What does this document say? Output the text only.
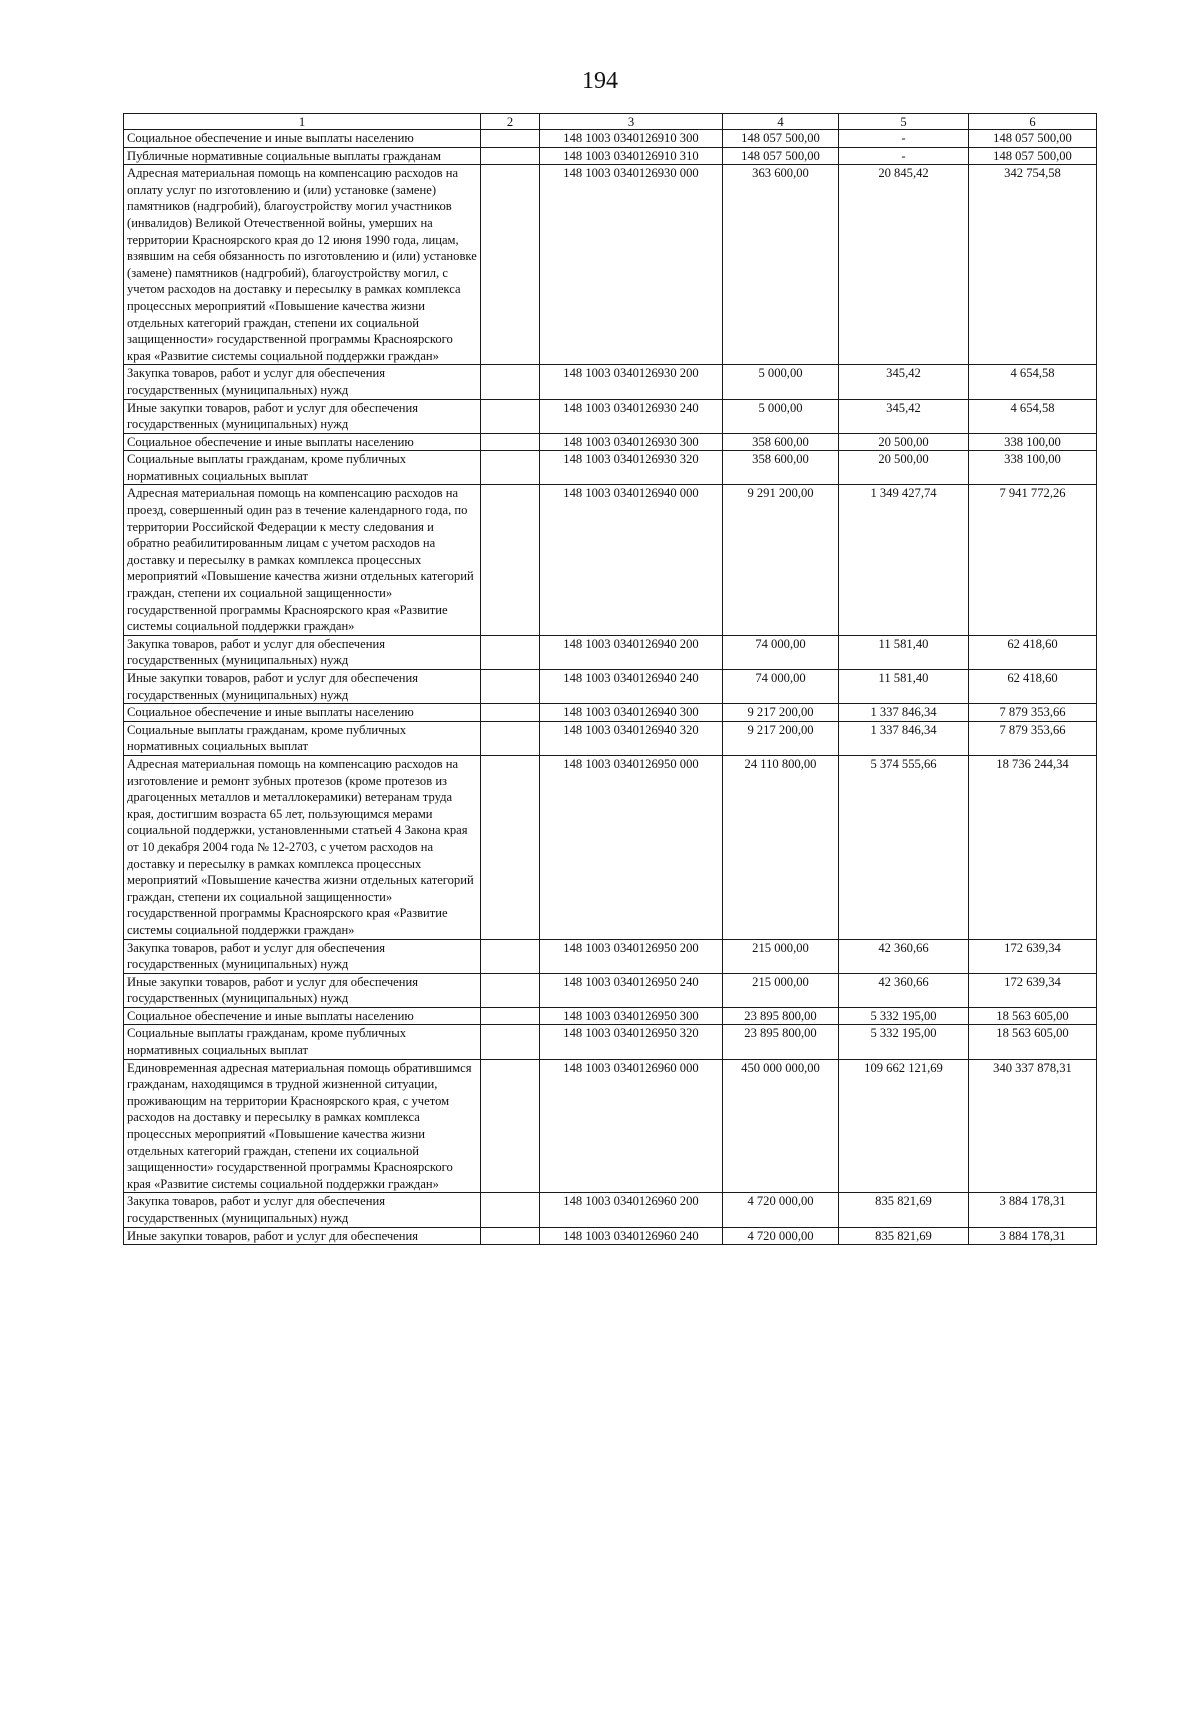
194
1	2	3	4	5	6
Социальное обеспечение и иные выплаты населению		148 1003 0340126910 300	148 057 500,00	-	148 057 500,00
Публичные нормативные социальные выплаты гражданам		148 1003 0340126910 310	148 057 500,00	-	148 057 500,00
Адресная материальная помощь на компенсацию расходов на оплату услуг по изготовлению и (или) установке (замене) памятников (надгробий), благоустройству могил участников (инвалидов) Великой Отечественной войны, умерших на территории Красноярского края до 12 июня 1990 года, лицам, взявшим на себя обязанность по изготовлению и (или) установке (замене) памятников (надгробий), благоустройству могил, с учетом расходов на доставку и пересылку в рамках комплекса процессных мероприятий «Повышение качества жизни отдельных категорий граждан, степени их социальной защищенности» государственной программы Красноярского края «Развитие системы социальной поддержки граждан»		148 1003 0340126930 000	363 600,00	20 845,42	342 754,58
Закупка товаров, работ и услуг для обеспечения государственных (муниципальных) нужд		148 1003 0340126930 200	5 000,00	345,42	4 654,58
Иные закупки товаров, работ и услуг для обеспечения государственных (муниципальных) нужд		148 1003 0340126930 240	5 000,00	345,42	4 654,58
Социальное обеспечение и иные выплаты населению		148 1003 0340126930 300	358 600,00	20 500,00	338 100,00
Социальные выплаты гражданам, кроме публичных нормативных социальных выплат		148 1003 0340126930 320	358 600,00	20 500,00	338 100,00
Адресная материальная помощь на компенсацию расходов на проезд, совершенный один раз в течение календарного года, по территории Российской Федерации к месту следования и обратно реабилитированным лицам с учетом расходов на доставку и пересылку в рамках комплекса процессных мероприятий «Повышение качества жизни отдельных категорий граждан, степени их социальной защищенности» государственной программы Красноярского края «Развитие системы социальной поддержки граждан»		148 1003 0340126940 000	9 291 200,00	1 349 427,74	7 941 772,26
Закупка товаров, работ и услуг для обеспечения государственных (муниципальных) нужд		148 1003 0340126940 200	74 000,00	11 581,40	62 418,60
Иные закупки товаров, работ и услуг для обеспечения государственных (муниципальных) нужд		148 1003 0340126940 240	74 000,00	11 581,40	62 418,60
Социальное обеспечение и иные выплаты населению		148 1003 0340126940 300	9 217 200,00	1 337 846,34	7 879 353,66
Социальные выплаты гражданам, кроме публичных нормативных социальных выплат		148 1003 0340126940 320	9 217 200,00	1 337 846,34	7 879 353,66
Адресная материальная помощь на компенсацию расходов на изготовление и ремонт зубных протезов (кроме протезов из драгоценных металлов и металлокерамики) ветеранам труда края, достигшим возраста 65 лет, пользующимся мерами социальной поддержки, установленными статьей 4 Закона края от 10 декабря 2004 года № 12-2703, с учетом расходов на доставку и пересылку в рамках комплекса процессных мероприятий «Повышение качества жизни отдельных категорий граждан, степени их социальной защищенности» государственной программы Красноярского края «Развитие системы социальной поддержки граждан»		148 1003 0340126950 000	24 110 800,00	5 374 555,66	18 736 244,34
Закупка товаров, работ и услуг для обеспечения государственных (муниципальных) нужд		148 1003 0340126950 200	215 000,00	42 360,66	172 639,34
Иные закупки товаров, работ и услуг для обеспечения государственных (муниципальных) нужд		148 1003 0340126950 240	215 000,00	42 360,66	172 639,34
Социальное обеспечение и иные выплаты населению		148 1003 0340126950 300	23 895 800,00	5 332 195,00	18 563 605,00
Социальные выплаты гражданам, кроме публичных нормативных социальных выплат		148 1003 0340126950 320	23 895 800,00	5 332 195,00	18 563 605,00
Единовременная адресная материальная помощь обратившимся гражданам, находящимся в трудной жизненной ситуации, проживающим на территории Красноярского края, с учетом расходов на доставку и пересылку в рамках комплекса процессных мероприятий «Повышение качества жизни отдельных категорий граждан, степени их социальной защищенности» государственной программы Красноярского края «Развитие системы социальной поддержки граждан»		148 1003 0340126960 000	450 000 000,00	109 662 121,69	340 337 878,31
Закупка товаров, работ и услуг для обеспечения государственных (муниципальных) нужд		148 1003 0340126960 200	4 720 000,00	835 821,69	3 884 178,31
Иные закупки товаров, работ и услуг для обеспечения		148 1003 0340126960 240	4 720 000,00	835 821,69	3 884 178,31
